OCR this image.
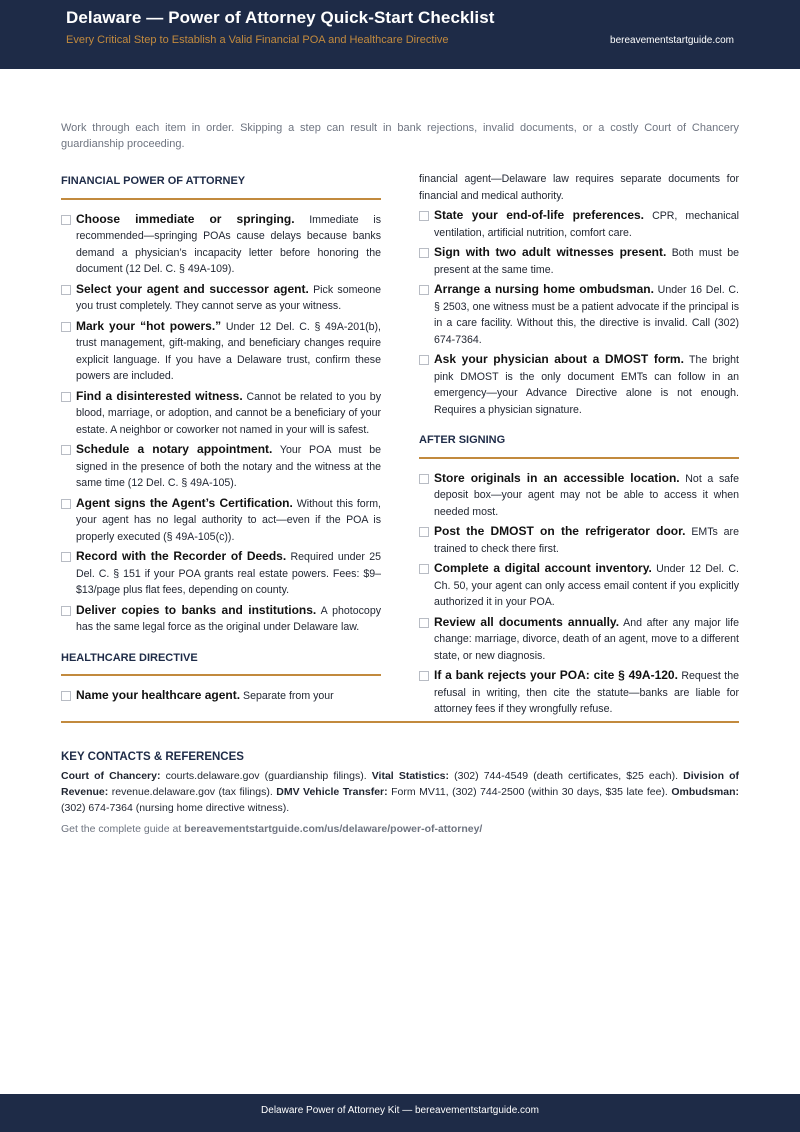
Delaware — Power of Attorney Quick-Start Checklist
Every Critical Step to Establish a Valid Financial POA and Healthcare Directive	bereavementstartguide.com
Work through each item in order. Skipping a step can result in bank rejections, invalid documents, or a costly Court of Chancery guardianship proceeding.
FINANCIAL POWER OF ATTORNEY
Choose immediate or springing. Immediate is recommended—springing POAs cause delays because banks demand a physician’s incapacity letter before honoring the document (12 Del. C. § 49A-109).
Select your agent and successor agent. Pick someone you trust completely. They cannot serve as your witness.
Mark your “hot powers.” Under 12 Del. C. § 49A-201(b), trust management, gift-making, and beneficiary changes require explicit language. If you have a Delaware trust, confirm these powers are included.
Find a disinterested witness. Cannot be related to you by blood, marriage, or adoption, and cannot be a beneficiary of your estate. A neighbor or coworker not named in your will is safest.
Schedule a notary appointment. Your POA must be signed in the presence of both the notary and the witness at the same time (12 Del. C. § 49A-105).
Agent signs the Agent’s Certification. Without this form, your agent has no legal authority to act—even if the POA is properly executed (§ 49A-105(c)).
Record with the Recorder of Deeds. Required under 25 Del. C. § 151 if your POA grants real estate powers. Fees: $9–$13/page plus flat fees, depending on county.
Deliver copies to banks and institutions. A photocopy has the same legal force as the original under Delaware law.
HEALTHCARE DIRECTIVE
Name your healthcare agent. Separate from your
financial agent—Delaware law requires separate documents for financial and medical authority.
State your end-of-life preferences. CPR, mechanical ventilation, artificial nutrition, comfort care.
Sign with two adult witnesses present. Both must be present at the same time.
Arrange a nursing home ombudsman. Under 16 Del. C. § 2503, one witness must be a patient advocate if the principal is in a care facility. Without this, the directive is invalid. Call (302) 674-7364.
Ask your physician about a DMOST form. The bright pink DMOST is the only document EMTs can follow in an emergency—your Advance Directive alone is not enough. Requires a physician signature.
AFTER SIGNING
Store originals in an accessible location. Not a safe deposit box—your agent may not be able to access it when needed most.
Post the DMOST on the refrigerator door. EMTs are trained to check there first.
Complete a digital account inventory. Under 12 Del. C. Ch. 50, your agent can only access email content if you explicitly authorized it in your POA.
Review all documents annually. And after any major life change: marriage, divorce, death of an agent, move to a different state, or new diagnosis.
If a bank rejects your POA: cite § 49A-120. Request the refusal in writing, then cite the statute—banks are liable for attorney fees if they wrongfully refuse.
KEY CONTACTS & REFERENCES
Court of Chancery: courts.delaware.gov (guardianship filings). Vital Statistics: (302) 744-4549 (death certificates, $25 each). Division of Revenue: revenue.delaware.gov (tax filings). DMV Vehicle Transfer: Form MV11, (302) 744-2500 (within 30 days, $35 late fee). Ombudsman: (302) 674-7364 (nursing home directive witness).
Get the complete guide at bereavementstartguide.com/us/delaware/power-of-attorney/
Delaware Power of Attorney Kit — bereavementstartguide.com
